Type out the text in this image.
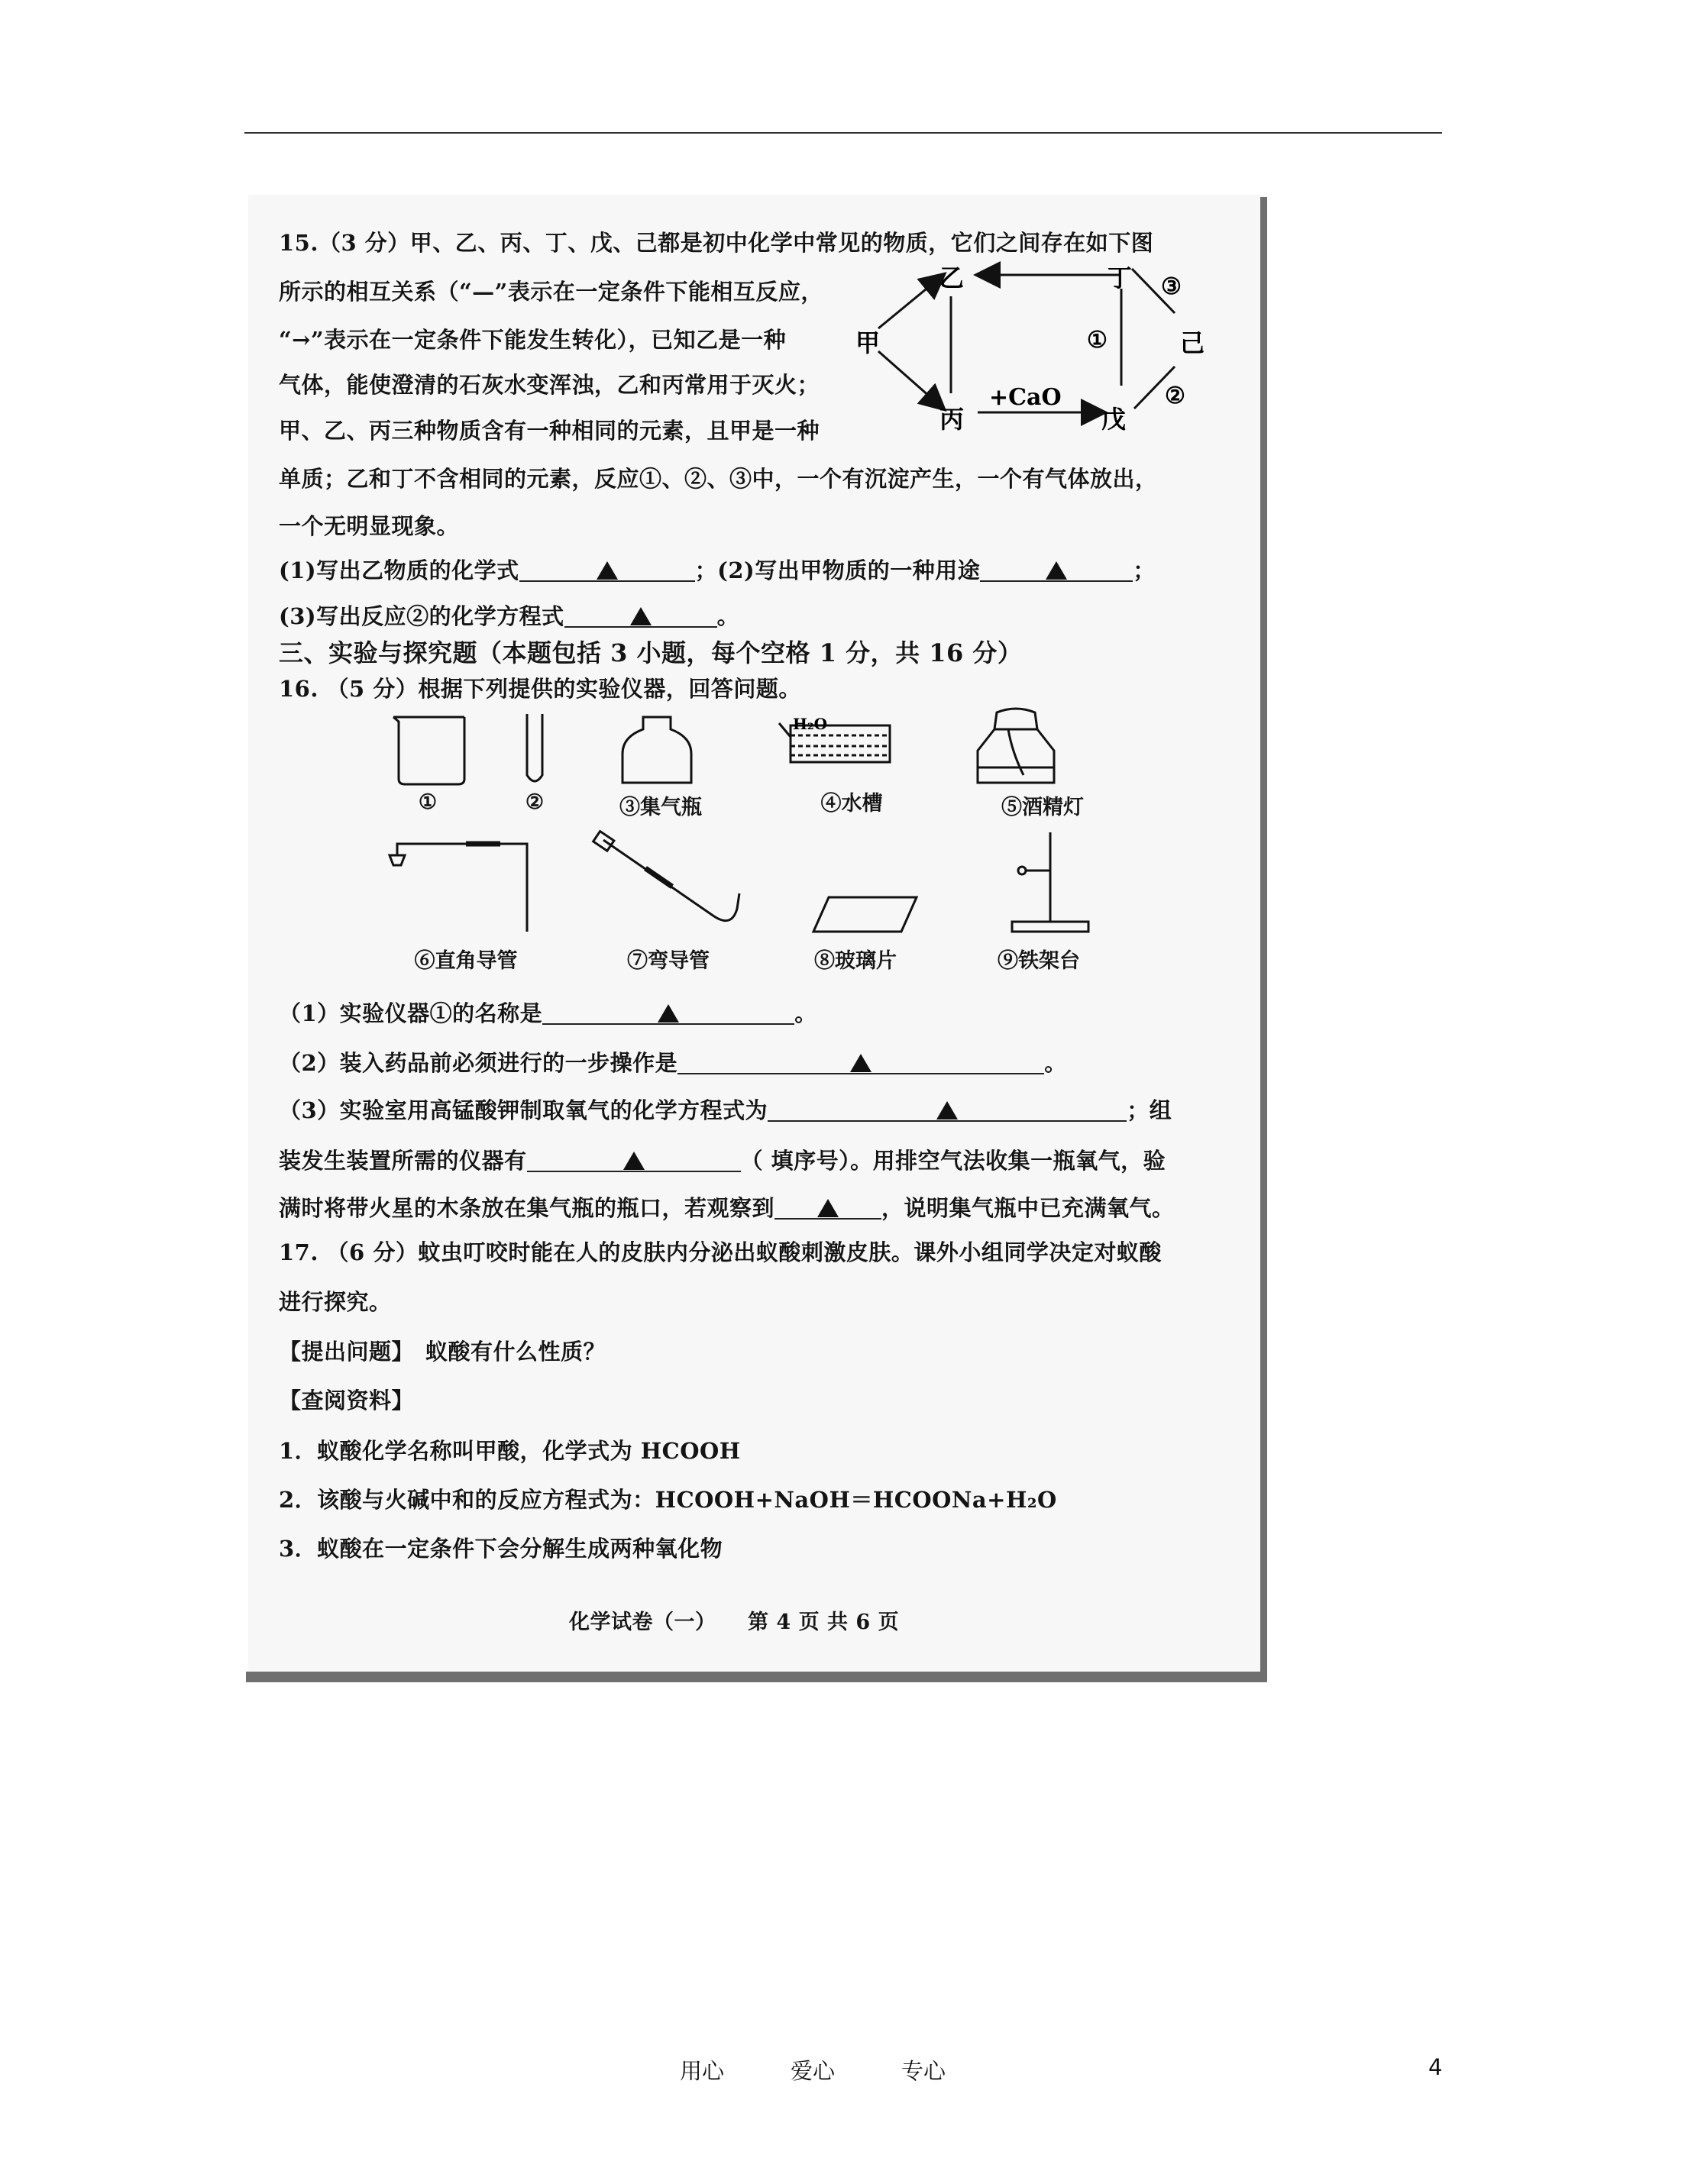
15.（3 分）甲、乙、丙、丁、戊、己都是初中化学中常见的物质，它们之间存在如下图
所示的相互关系（“—”表示在一定条件下能相互反应，
“→”表示在一定条件下能发生转化），已知乙是一种
气体，能使澄清的石灰水变浑浊，乙和丙常用于灭火；
甲、乙、丙三种物质含有一种相同的元素，且甲是一种
单质；乙和丁不含相同的元素，反应①、②、③中，一个有沉淀产生，一个有气体放出，
一个无明显现象。
甲
乙
丙
丁
戊
己
+CaO
①
②
③
(1)写出乙物质的化学式	；(2)写出甲物质的一种用途	；
(3)写出反应②的化学方程式	。
三、实验与探究题（本题包括 3 小题，每个空格 1 分，共 16 分）
16. （5 分）根据下列提供的实验仪器，回答问题。
H₂O
①	②	③集气瓶	④水槽	⑤酒精灯
⑥直角导管	⑦弯导管	⑧玻璃片	⑨铁架台
（1）实验仪器①的名称是	。
（2）装入药品前必须进行的一步操作是	。
（3）实验室用高锰酸钾制取氧气的化学方程式为	；组
装发生装置所需的仪器有	（ 填序号）。用排空气法收集一瓶氧气，验
满时将带火星的木条放在集气瓶的瓶口，若观察到	，说明集气瓶中已充满氧气。
17. （6 分）蚊虫叮咬时能在人的皮肤内分泌出蚁酸刺激皮肤。课外小组同学决定对蚁酸
进行探究。
【提出问题】　 蚁酸有什么性质？
【查阅资料】
1．蚁酸化学名称叫甲酸，化学式为 HCOOH
2．该酸与火碱中和的反应方程式为：HCOOH+NaOH＝HCOONa+H₂O
3．蚁酸在一定条件下会分解生成两种氧化物
化学试卷（一）　　第 4 页 共 6 页
用心	爱心	专心	4
